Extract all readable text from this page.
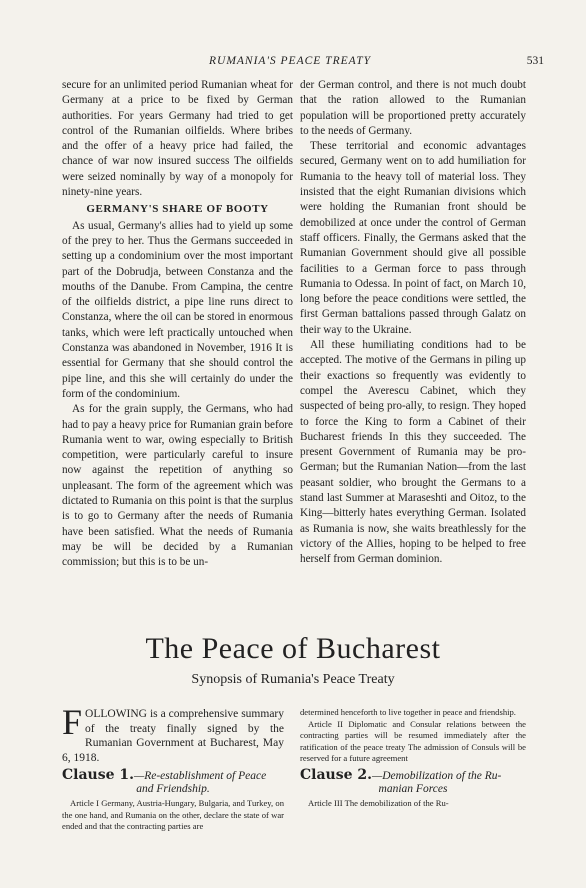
RUMANIA'S PEACE TREATY	531

secure for an unlimited period Rumanian wheat for Germany at a price to be fixed by German authorities. For years Germany had tried to get control of the Rumanian oilfields. Where bribes and the offer of a heavy price had failed, the chance of war now insured success The oilfields were seized nominally by way of a monopoly for ninety-nine years.

GERMANY'S SHARE OF BOOTY

As usual, Germany's allies had to yield up some of the prey to her. Thus the Germans succeeded in setting up a condominium over the most important part of the Dobrudja, between Constanza and the mouths of the Danube. From Campina, the centre of the oilfields district, a pipe line runs direct to Constanza, where the oil can be stored in enormous tanks, which were left practically untouched when Constanza was abandoned in November, 1916 It is essential for Germany that she should control the pipe line, and this she will certainly do under the form of the condominium.

As for the grain supply, the Germans, who had had to pay a heavy price for Rumanian grain before Rumania went to war, owing especially to British competition, were particularly careful to insure now against the repetition of anything so unpleasant. The form of the agreement which was dictated to Rumania on this point is that the surplus is to go to Germany after the needs of Rumania have been satisfied. What the needs of Rumania may be will be decided by a Rumanian commission; but this is to be un-

der German control, and there is not much doubt that the ration allowed to the Rumanian population will be proportioned pretty accurately to the needs of Germany.

These territorial and economic advantages secured, Germany went on to add humiliation for Rumania to the heavy toll of material loss. They insisted that the eight Rumanian divisions which were holding the Rumanian front should be demobilized at once under the control of German staff officers. Finally, the Germans asked that the Rumanian Government should give all possible facilities to a German force to pass through Rumania to Odessa. In point of fact, on March 10, long before the peace conditions were settled, the first German battalions passed through Galatz on their way to the Ukraine.

All these humiliating conditions had to be accepted. The motive of the Germans in piling up their exactions so frequently was evidently to compel the Averescu Cabinet, which they suspected of being pro-ally, to resign. They hoped to force the King to form a Cabinet of their Bucharest friends In this they succeeded. The present Government of Rumania may be pro-German; but the Rumanian Nation—from the last peasant soldier, who brought the Germans to a stand last Summer at Maraseshti and Oitoz, to the King—bitterly hates everything German. Isolated as Rumania is now, she waits breathlessly for the victory of the Allies, hoping to be helped to free herself from German dominion.

The Peace of Bucharest
Synopsis of Rumania's Peace Treaty

FOLLOWING is a comprehensive summary of the treaty finally signed by the Rumanian Government at Bucharest, May 6, 1918.

Clause 1.—Re-establishment of Peace
and Friendship.

Article I Germany, Austria-Hungary, Bulgaria, and Turkey, on the one hand, and Rumania on the other, declare the state of war ended and that the contracting parties are

determined henceforth to live together in peace and friendship.

Article II Diplomatic and Consular relations between the contracting parties will be resumed immediately after the ratification of the peace treaty The admission of Consuls will be reserved for a future agreement

Clause 2.—Demobilization of the Ru-
manian Forces

Article III The demobilization of the Ru-
